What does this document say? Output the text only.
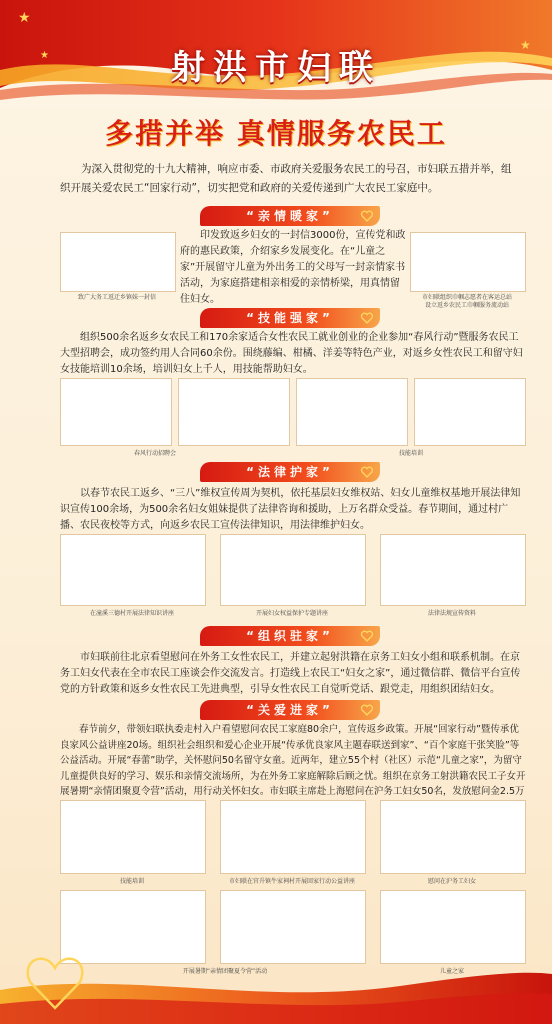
★
★
★
射洪市妇联
多措并举 真情服务农民工
为深入贯彻党的十九大精神，响应市委、市政府关爱服务农民工的号召，市妇联五措并举，组织开展关爱农民工“回家行动”，切实把党和政府的关爱传递到广大农民工家庭中。
“亲情暖家”
致广大务工返迁乡镇妹一封信
印发致返乡妇女的一封信3000份，宣传党和政府的惠民政策，介绍家乡发展变化。在“儿童之家”开展留守儿童为外出务工的父母写一封亲情家书活动，为家庭搭建相亲相爱的亲情桥梁，用真情留住妇女。	市妇联组织巾帼志愿者在客运总站
设立返乡农民工巾帼服务流动站
“技能强家”
组织500余名返乡女农民工和170余家适合女性农民工就业创业的企业参加“春风行动”暨服务农民工大型招聘会，成功签约用人合同60余份。围绕藤编、柑橘、洋姜等特色产业，对返乡女性农民工和留守妇女技能培训10余场，培训妇女上千人，用技能帮助妇女。
春风行动招聘会	技能培训
“法律护家”
以春节农民工返乡、“三八”维权宣传周为契机，依托基层妇女维权站、妇女儿童维权基地开展法律知识宣传100余场，为500余名妇女姐妹提供了法律咨询和援助，上万名群众受益。春节期间，通过村广播、农民夜校等方式，向返乡农民工宣传法律知识，用法律维护妇女。
在潼溪三德村开展法律知识讲座	开展妇女权益保护专题讲座	法律法规宣传资料
“组织驻家”
市妇联前往北京看望慰问在外务工女性农民工，并建立起射洪籍在京务工妇女小组和联系机制。在京务工妇女代表在全市农民工座谈会作交流发言。打造线上农民工“妇女之家”，通过微信群、微信平台宣传党的方针政策和返乡女性农民工先进典型，引导女性农民工自觉听党话、跟党走，用组织团结妇女。
“关爱进家”
春节前夕，带领妇联执委走村入户看望慰问农民工家庭80余户，宣传返乡政策。开展“回家行动”暨传承优良家风公益讲座20场。组织社会组织和爱心企业开展“传承优良家风主题春联送到家”、“百个家庭干张笑脸”等公益活动。开展“春蕾”助学，关怀慰问50名留守女童。近两年，建立55个村（社区）示范“儿童之家”，为留守儿童提供良好的学习、娱乐和亲情交流场所，为在外务工家庭解除后顾之忧。组织在京务工射洪籍农民工子女开展暑期“亲情团聚夏令营”活动，用行动关怀妇女。市妇联主席赴上海慰问在沪务工妇女50名，发放慰问金2.5万
技能培训	市妇联在官升镇牛家祠村开展回家行动公益讲座	慰问在沪务工妇女
开展暑期“亲情团聚夏令营”活动	儿童之家
